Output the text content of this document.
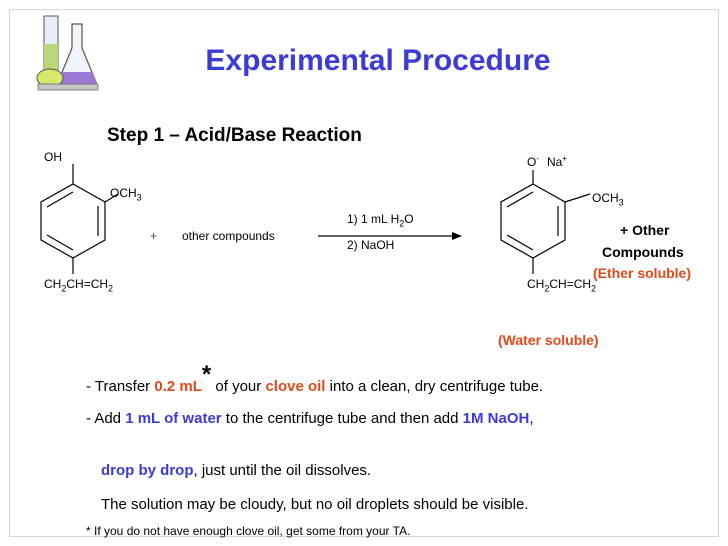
Experimental Procedure
Step 1 – Acid/Base Reaction
OH
$OCH_3$
$CH_2CH=CH_2$
+ other compounds
1) 1 mL $H_2O$
2) NaOH
O- Na+
$OCH_3$
$CH_2CH=CH_2$
+ Other
Compounds
(Ether soluble)
(Water soluble)
- Transfer 0.2 mL* of your clove oil into a clean, dry centrifuge tube.
- Add 1 mL of water to the centrifuge tube and then add 1M NaOH,
drop by drop, just until the oil dissolves.
The solution may be cloudy, but no oil droplets should be visible.
* If you do not have enough clove oil, get some from your TA.
